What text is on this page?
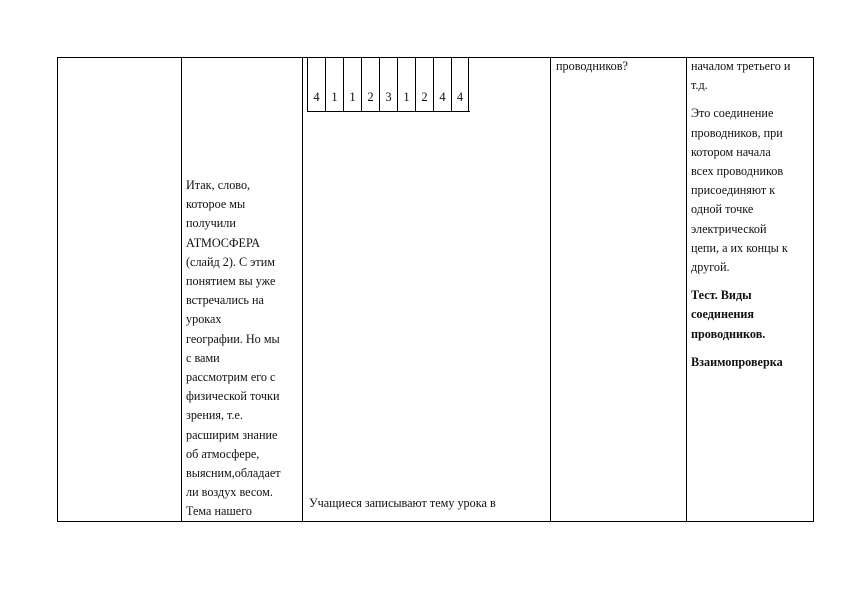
Итак, слово,
которое мы
получили
АТМОСФЕРА
(слайд 2). С этим
понятием вы уже
встречались на
уроках
географии. Но мы
с вами
рассмотрим его с
физической точки
зрения, т.е.
расширим знание
об атмосфере,
выясним,обладает
ли воздух весом.
Тема нашего
4 1 1 2 3 1 2 4 4
Учащиеся записывают тему урока в
проводников?	началом третьего и
т.д.
Это соединение
проводников, при
котором начала
всех проводников
присоединяют к
одной точке
электрической
цепи, а их концы к
другой.
Тест. Виды
соединения
проводников.
Взаимопроверка
